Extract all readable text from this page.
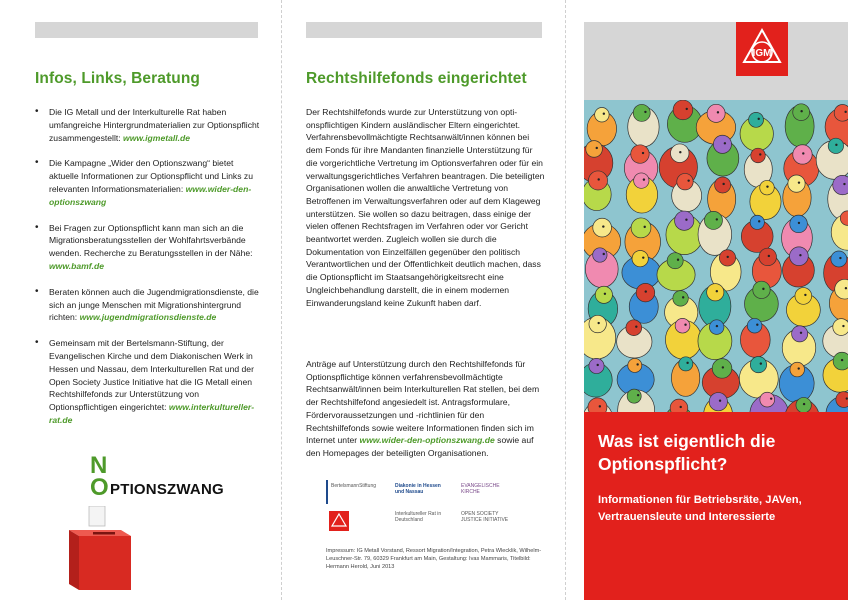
Infos, Links, Beratung
• Die IG Metall und der Interkulturelle Rat haben umfangreiche Hintergrundmaterialien zur Optionspflicht zusammengestellt: www.igmetall.de
• Die Kampagne „Wider den Optionszwang“ bietet aktuelle Informationen zur Optionspflicht und Links zu relevanten Informationsmaterialien: www.wider-den-optionszwang
• Bei Fragen zur Optionspflicht kann man sich an die Migrationsberatungsstellen der Wohlfahrtsverbände wenden. Recherche zu Beratungsstellen in der Nähe: www.bamf.de
• Beraten können auch die Jugendmigrationsdienste, die sich an junge Menschen mit Migrationshintergrund richten: www.jugendmigrationsdienste.de
• Gemeinsam mit der Bertelsmann-Stiftung, der Evangelischen Kirche und dem Diakonischen Werk in Hessen und Nassau, dem Interkulturellen Rat und der Open Society Justice Initiative hat die IG Metall einen Rechtshilfefonds zur Unterstützung von Optionspflichtigen eingerichtet: www.interkultureller-rat.de
N
O PTIONSZWANG
Rechtshilfefonds eingerichtet

Der Rechtshilfefonds wurde zur Unterstützung von optionspflichtigen Kindern ausländischer Eltern eingerichtet. Verfahrensbevollmächtigte Rechtsanwält/innen können bei dem Fonds für ihre Mandanten finanzielle Unterstützung für die vorgerichtliche Vertretung im Optionsverfahren oder für ein verwaltungsgerichtliches Verfahren beantragen. Die beteiligten Organisationen wollen die anwaltliche Vertretung von Betroffenen im Verwaltungsverfahren oder auf dem Klageweg unterstützen. Sie wollen so dazu beitragen, dass einige der vielen offenen Rechtsfragen im Verfahren oder vor Gericht beantwortet werden. Zugleich wollen sie durch die Dokumentation von Einzelfällen gegenüber den politisch Verantwortlichen und der Öffentlichkeit deutlich machen, dass die Optionspflicht im Staatsangehörigkeitsrecht eine Ungleichbehandlung darstellt, die in einem modernen Einwanderungsland keine Zukunft haben darf.

Anträge auf Unterstützung durch den Rechtshilfefonds für Optionspflichtige können verfahrensbevollmächtigte Rechtsanwält/innen beim Interkulturellen Rat stellen, bei dem der Rechtshilfefond angesiedelt ist. Antragsformulare, Fördervoraussetzungen und -richtlinien für den Rechtshilfefonds sowie weitere Informationen finden sich im Internet unter www.wider-den-optionszwang.de sowie auf den Homepages der beteiligten Organisationen.

BertelsmannStiftung	Diakonie in Hessen und Nassau
EVANGELISCHE KIRCHE
Interkultureller Rat in Deutschland
OPEN SOCIETY JUSTICE INITIATIVE

Impressum: IG Metall Vorstand, Ressort Migration/Integration, Petra Wlecklik, Wilhelm-Leuschner-Str. 79, 60329 Frankfurt am Main, Gestaltung: Ivas Mammaris, Titelbild: Hermann Herold, Juni 2013

IGM
Was ist eigentlich die Optionspflicht?
Informationen für Betriebsräte, JAVen, Vertrauensleute und Interessierte
